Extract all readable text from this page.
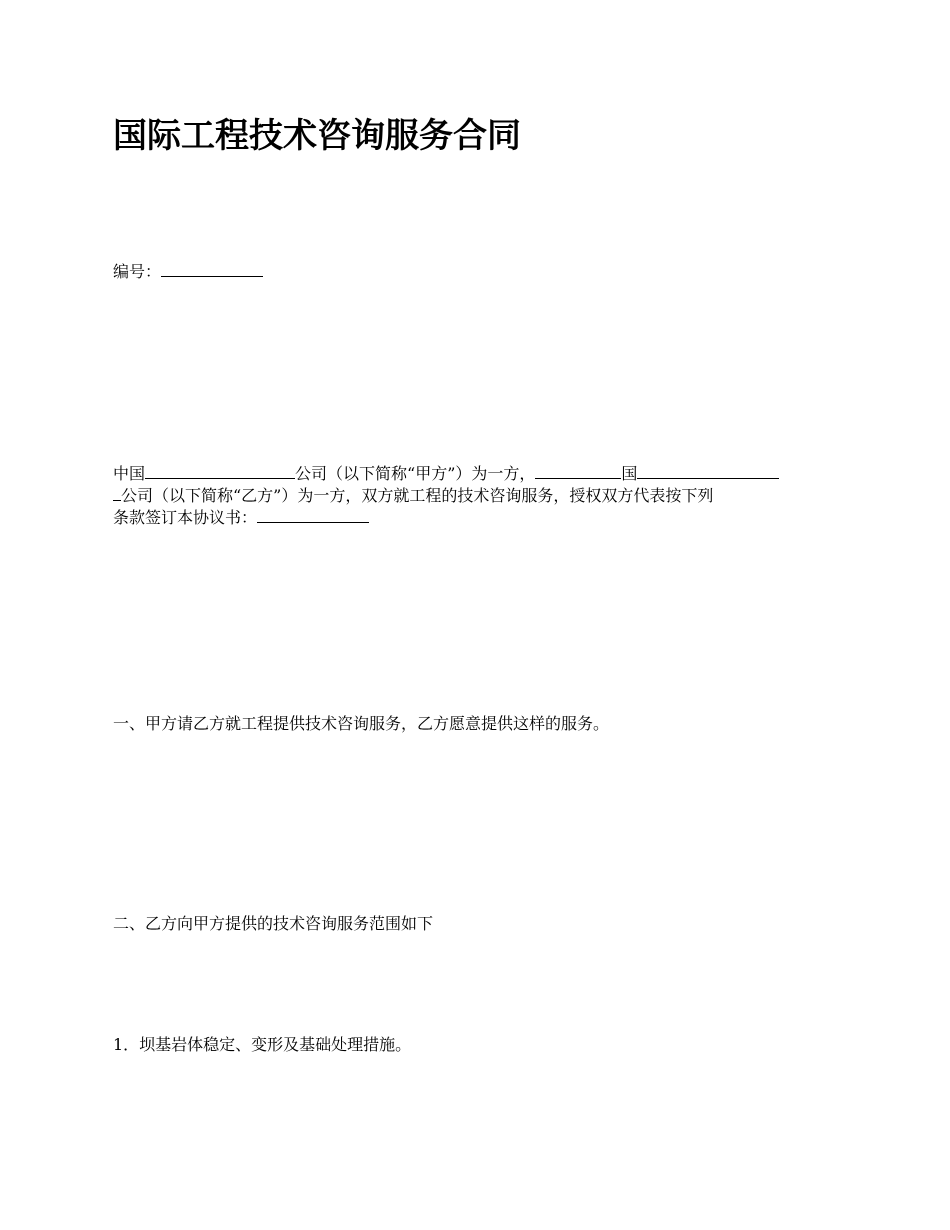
国际工程技术咨询服务合同
编号：
中国	公司（以下简称“甲方”）为一方，	国
公司（以下简称“乙方”）为一方，双方就工程的技术咨询服务，授权双方代表按下列
条款签订本协议书：
一、甲方请乙方就工程提供技术咨询服务，乙方愿意提供这样的服务。
二、乙方向甲方提供的技术咨询服务范围如下
1．坝基岩体稳定、变形及基础处理措施。
